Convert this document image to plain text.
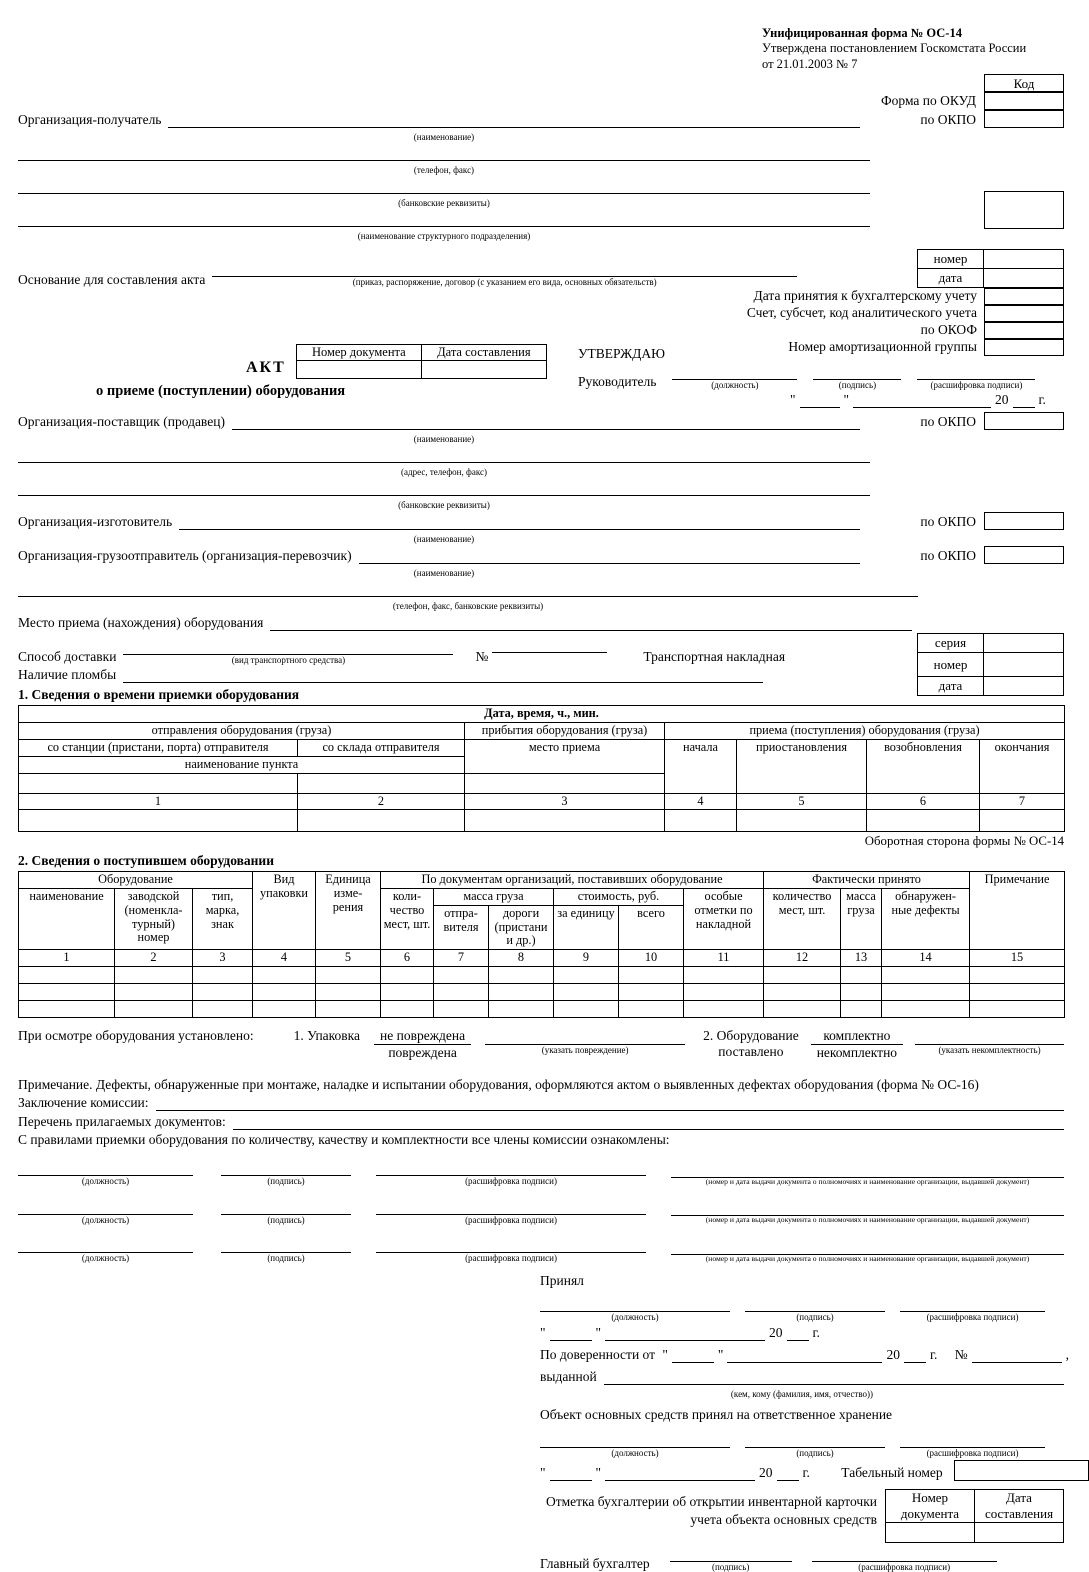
Унифицированная форма № ОС-14
Утверждена постановлением Госкомстата России
от 21.01.2003 № 7
Код
Форма по ОКУД
Организация-получатель	по ОКПО
(наименование)
(телефон, факс)
(банковские реквизиты)
(наименование структурного подразделения)
Основание для составления акта	(приказ, распоряжение, договор (с указанием его вида, основных обязательств)
номер	
дата	
Дата принятия к бухгалтерскому учету
Счет, субсчет, код аналитического учета
по ОКОФ
Номер амортизационной группы
АКТ
Номер документа	Дата составления

о приеме (поступлении) оборудования
УТВЕРЖДАЮ
Руководитель	(должность)	(подпись)	(расшифровка подписи)
"	"	20 г.
Организация-поставщик (продавец)	по ОКПО
(наименование)
(адрес, телефон, факс)
(банковские реквизиты)
Организация-изготовитель	по ОКПО
(наименование)
Организация-грузоотправитель (организация-перевозчик)	по ОКПО
(наименование)
(телефон, факс, банковские реквизиты)
Место приема (нахождения) оборудования
Способ доставки	(вид транспортного средства)	№	Транспортная накладная
Наличие пломбы
серия	
номер	
дата	
1. Сведения о времени приемки оборудования
Дата, время, ч., мин.						
отправления оборудования (груза)		прибытия оборудования (груза)	приема (поступления) оборудования (груза)			
со станции (пристани, порта) отправителя	со склада отправителя	место приема	начала	приостановления	возобновления	окончания
наименование пункта						

1	2	3	4	5	6	7

Оборотная сторона формы № ОС-14
2. Сведения о поступившем оборудовании
Оборудование			Вид упаковки	Единица изме- рения	По документам организаций, поставивших оборудование						Фактически принято			Примечание
наименование	заводской (номенкла- турный) номер	тип, марка, знак			коли- чество мест, шт.	масса груза		стоимость, руб.		особые отметки по накладной	количество мест, шт.	масса груза	обнаружен- ные дефекты	
						отпра- вителя	дороги (пристани и др.)	за единицу	всего					
1	2	3	4	5	6	7	8	9	10	11	12	13	14	15

При осмотре оборудования установлено:	1. Упаковка $\frac{\text{не повреждена}}{\text{повреждена}}$	(указать повреждение)
2. Оборудование
поставлено	$\frac{\text{комплектно}}{\text{некомплектно}}$	(указать некомплектность)
Примечание. Дефекты, обнаруженные при монтаже, наладке и испытании оборудования, оформляются актом о выявленных дефектах оборудования (форма № ОС-16)
Заключение комиссии:
Перечень прилагаемых документов:
С правилами приемки оборудования по количеству, качеству и комплектности все члены комиссии ознакомлены:
(должность)	(подпись)	(расшифровка подписи)	(номер и дата выдачи документа о полномочиях и наименование организации, выдавшей документ)
(должность)	(подпись)	(расшифровка подписи)	(номер и дата выдачи документа о полномочиях и наименование организации, выдавшей документ)
(должность)	(подпись)	(расшифровка подписи)	(номер и дата выдачи документа о полномочиях и наименование организации, выдавшей документ)
Принял
(должность)	(подпись)	(расшифровка подписи)
"	"	20 г.
По доверенности от "	"	20 г. №	,
выданной
(кем, кому (фамилия, имя, отчество))
Объект основных средств принял на ответственное хранение
(должность)	(подпись)	(расшифровка подписи)
"	"	20 г. Табельный номер
Отметка бухгалтерии об открытии инвентарной карточки
учета объекта основных средств
Номер документа	Дата составления

Главный бухгалтер	(подпись)	(расшифровка подписи)
